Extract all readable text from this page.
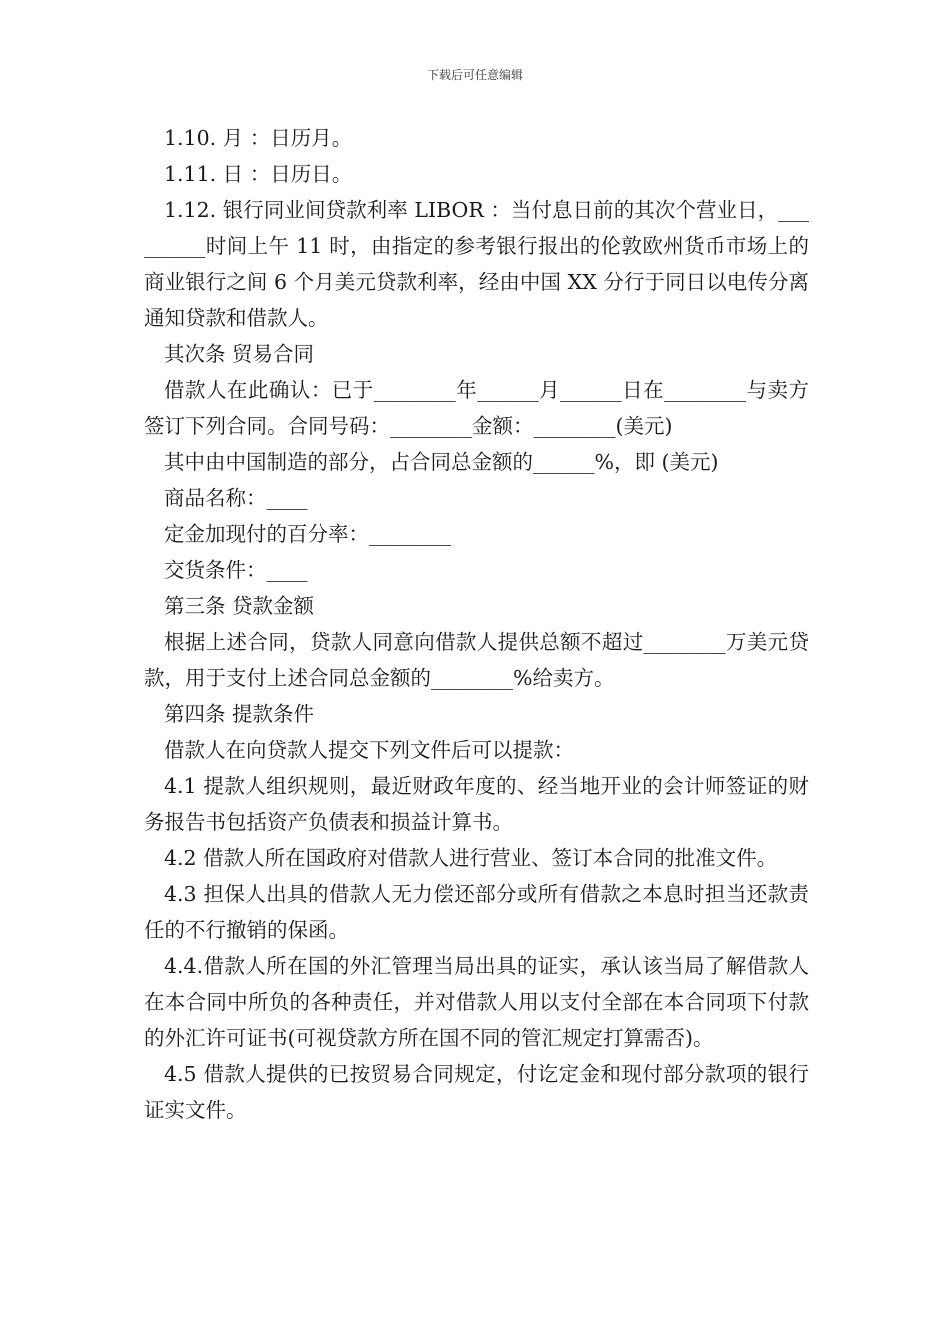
下载后可任意编辑

1.10. 月 ：日历月。

1.11. 日 ：日历日。

1.12. 银行同业间贷款利率 LIBOR ：当付息日前的其次个营业日，_________时间上午 11 时，由指定的参考银行报出的伦敦欧州货币市场上的商业银行之间 6 个月美元贷款利率，经由中国 XX 分行于同日以电传分离通知贷款和借款人。

其次条 贸易合同

借款人在此确认：已于________年______月______日在________与卖方签订下列合同。合同号码：________金额：________(美元)

其中由中国制造的部分，占合同总金额的______%，即 (美元)

商品名称：____

定金加现付的百分率：________

交货条件：____

第三条 贷款金额

根据上述合同，贷款人同意向借款人提供总额不超过________万美元贷款，用于支付上述合同总金额的________%给卖方。

第四条 提款条件

借款人在向贷款人提交下列文件后可以提款：

4.1 提款人组织规则，最近财政年度的、经当地开业的会计师签证的财务报告书包括资产负债表和损益计算书。

4.2 借款人所在国政府对借款人进行营业、签订本合同的批准文件。

4.3 担保人出具的借款人无力偿还部分或所有借款之本息时担当还款责任的不行撤销的保函。

4.4.借款人所在国的外汇管理当局出具的证实，承认该当局了解借款人在本合同中所负的各种责任，并对借款人用以支付全部在本合同项下付款的外汇许可证书(可视贷款方所在国不同的管汇规定打算需否)。

4.5 借款人提供的已按贸易合同规定，付讫定金和现付部分款项的银行证实文件。
